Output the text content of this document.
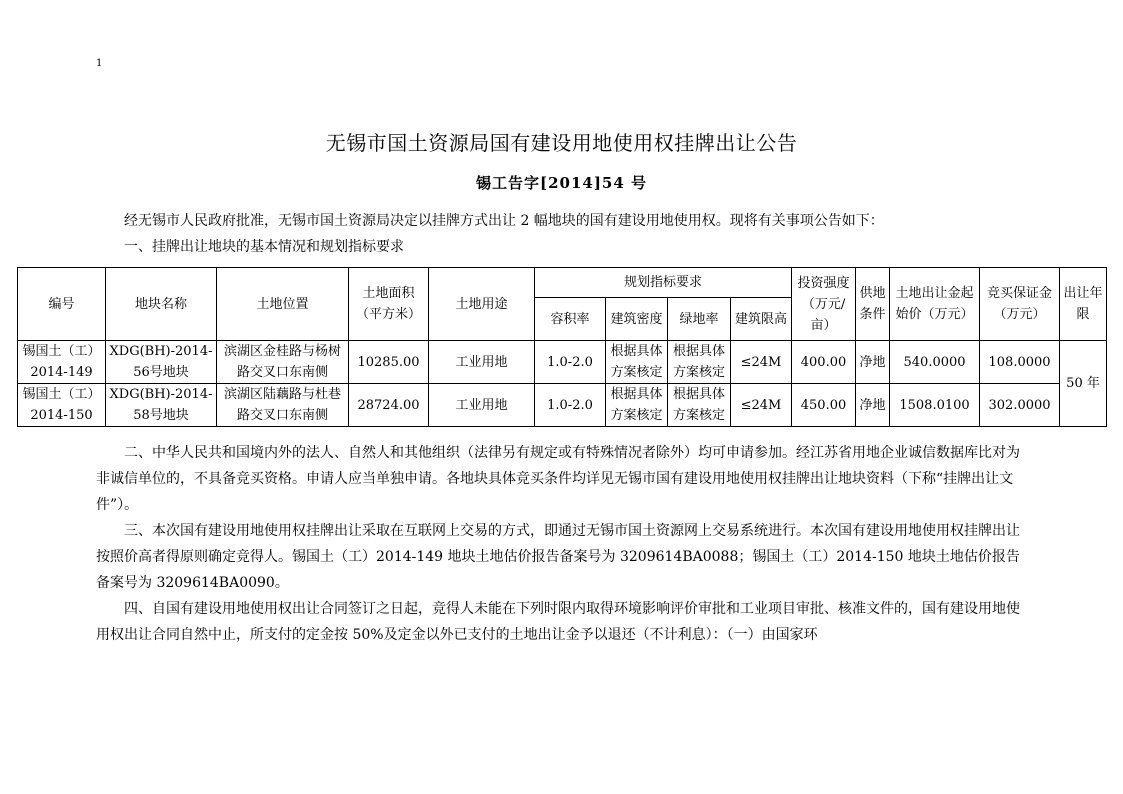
1
无锡市国土资源局国有建设用地使用权挂牌出让公告
锡工告字[2014]54 号

经无锡市人民政府批准，无锡市国土资源局决定以挂牌方式出让 2 幅地块的国有建设用地使用权。现将有关事项公告如下：

一、挂牌出让地块的基本情况和规划指标要求

编号	地块名称	土地位置	土地面积（平方米）	土地用途	规划指标要求				投资强度（万元/亩）	供地条件	土地出让金起始价（万元）	竞买保证金（万元）	出让年限
					容积率	建筑密度	绿地率	建筑限高					
锡国土（工）2014-149	XDG(BH)-2014-56号地块	滨湖区金桂路与杨树路交叉口东南侧	10285.00	工业用地	1.0-2.0	根据具体方案核定	根据具体方案核定	≤24M	400.00	净地	540.0000	108.0000	50 年
锡国土（工）2014-150	XDG(BH)-2014-58号地块	滨湖区陆藕路与杜巷路交叉口东南侧	28724.00	工业用地	1.0-2.0	根据具体方案核定	根据具体方案核定	≤24M	450.00	净地	1508.0100	302.0000	

二、中华人民共和国境内外的法人、自然人和其他组织（法律另有规定或有特殊情况者除外）均可申请参加。经江苏省用地企业诚信数据库比对为非诚信单位的，不具备竞买资格。申请人应当单独申请。各地块具体竞买条件均详见无锡市国有建设用地使用权挂牌出让地块资料（下称“挂牌出让文件”）。

三、本次国有建设用地使用权挂牌出让采取在互联网上交易的方式，即通过无锡市国土资源网上交易系统进行。本次国有建设用地使用权挂牌出让按照价高者得原则确定竞得人。锡国土（工）2014-149 地块土地估价报告备案号为 3209614BA0088；锡国土（工）2014-150 地块土地估价报告备案号为 3209614BA0090。

四、自国有建设用地使用权出让合同签订之日起，竞得人未能在下列时限内取得环境影响评价审批和工业项目审批、核准文件的，国有建设用地使用权出让合同自然中止，所支付的定金按 50%及定金以外已支付的土地出让金予以退还（不计利息）：（一）由国家环
